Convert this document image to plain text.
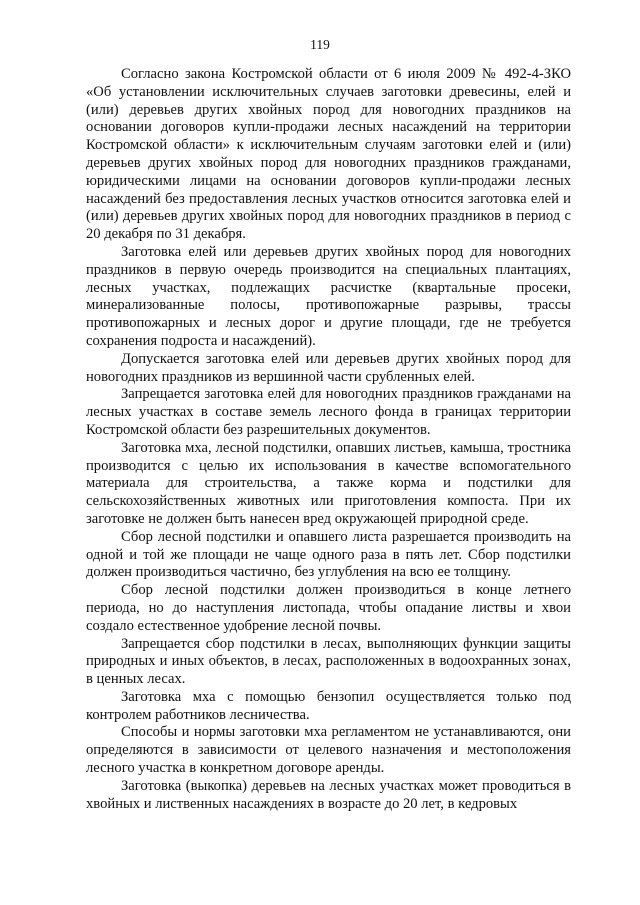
119

Согласно закона Костромской области от 6 июля 2009 № 492-4-ЗКО «Об установлении исключительных случаев заготовки древесины, елей и (или) деревьев других хвойных пород для новогодних праздников на основании договоров купли-продажи лесных насаждений на территории Костромской области» к исключительным случаям заготовки елей и (или) деревьев других хвойных пород для новогодних праздников гражданами, юридическими лицами на основании договоров купли-продажи лесных насаждений без предоставления лесных участков относится заготовка елей и (или) деревьев других хвойных пород для новогодних праздников в период с 20 декабря по 31 декабря.

Заготовка елей или деревьев других хвойных пород для новогодних праздников в первую очередь производится на специальных плантациях, лесных участках, подлежащих расчистке (квартальные просеки, минерализованные полосы, противопожарные разрывы, трассы противопожарных и лесных дорог и другие площади, где не требуется сохранения подроста и насаждений).

Допускается заготовка елей или деревьев других хвойных пород для новогодних праздников из вершинной части срубленных елей.

Запрещается заготовка елей для новогодних праздников гражданами на лесных участках в составе земель лесного фонда в границах территории Костромской области без разрешительных документов.

Заготовка мха, лесной подстилки, опавших листьев, камыша, тростника производится с целью их использования в качестве вспомогательного материала для строительства, а также корма и подстилки для сельскохозяйственных животных или приготовления компоста. При их заготовке не должен быть нанесен вред окружающей природной среде.

Сбор лесной подстилки и опавшего листа разрешается производить на одной и той же площади не чаще одного раза в пять лет. Сбор подстилки должен производиться частично, без углубления на всю ее толщину.

Сбор лесной подстилки должен производиться в конце летнего периода, но до наступления листопада, чтобы опадание листвы и хвои создало естественное удобрение лесной почвы.

Запрещается сбор подстилки в лесах, выполняющих функции защиты природных и иных объектов, в лесах, расположенных в водоохранных зонах, в ценных лесах.

Заготовка мха с помощью бензопил осуществляется только под контролем работников лесничества.

Способы и нормы заготовки мха регламентом не устанавливаются, они определяются в зависимости от целевого назначения и местоположения лесного участка в конкретном договоре аренды.

Заготовка (выкопка) деревьев на лесных участках может проводиться в хвойных и лиственных насаждениях в возрасте до 20 лет, в кедровых
